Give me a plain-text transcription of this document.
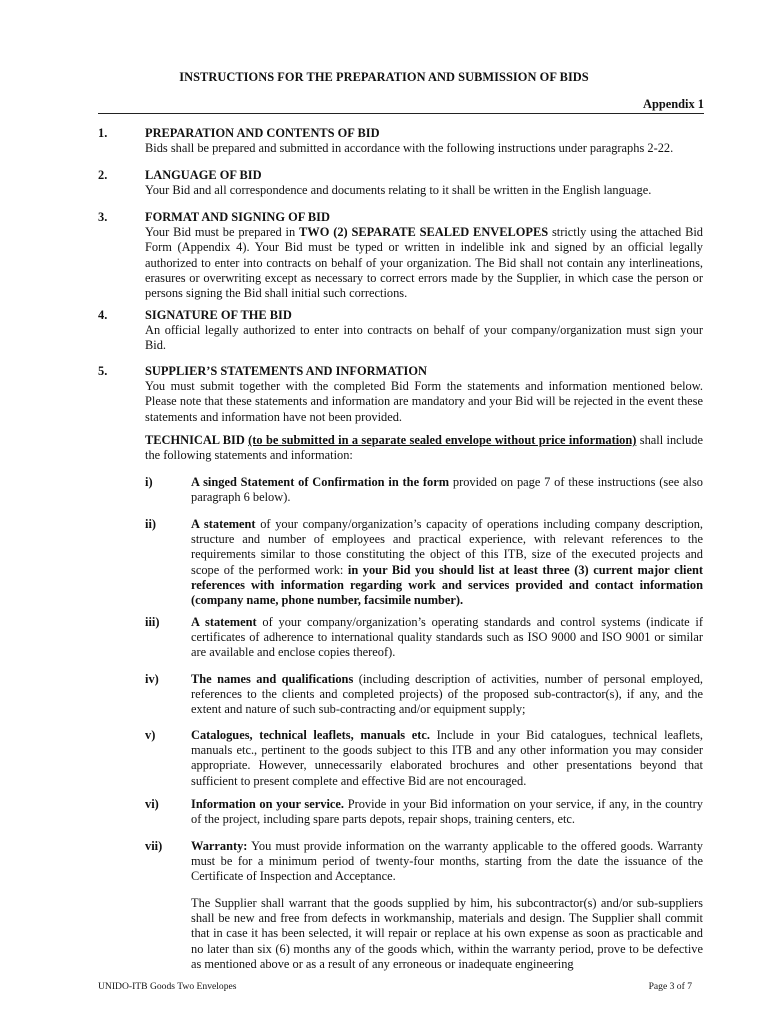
INSTRUCTIONS FOR THE PREPARATION AND SUBMISSION OF BIDS
Appendix 1
1.	PREPARATION AND CONTENTS OF BID
Bids shall be prepared and submitted in accordance with the following instructions under paragraphs 2-22.
2.	LANGUAGE OF BID
Your Bid and all correspondence and documents relating to it shall be written in the English language.
3.	FORMAT AND SIGNING OF BID
Your Bid must be prepared in TWO (2) SEPARATE SEALED ENVELOPES strictly using the attached Bid Form (Appendix 4). Your Bid must be typed or written in indelible ink and signed by an official legally authorized to enter into contracts on behalf of your organization. The Bid shall not contain any interlineations, erasures or overwriting except as necessary to correct errors made by the Supplier, in which case the person or persons signing the Bid shall initial such corrections.
4.	SIGNATURE OF THE BID
An official legally authorized to enter into contracts on behalf of your company/organization must sign your Bid.
5.	SUPPLIER’S STATEMENTS AND INFORMATION
You must submit together with the completed Bid Form the statements and information mentioned below. Please note that these statements and information are mandatory and your Bid will be rejected in the event these statements and information have not been provided.
TECHNICAL BID (to be submitted in a separate sealed envelope without price information) shall include the following statements and information:
i)	A singed Statement of Confirmation in the form provided on page 7 of these instructions (see also paragraph 6 below).
ii)	A statement of your company/organization’s capacity of operations including company description, structure and number of employees and practical experience, with relevant references to the requirements similar to those constituting the object of this ITB, size of the executed projects and scope of the performed work: in your Bid you should list at least three (3) current major client references with information regarding work and services provided and contact information (company name, phone number, facsimile number).
iii)	A statement of your company/organization’s operating standards and control systems (indicate if certificates of adherence to international quality standards such as ISO 9000 and ISO 9001 or similar are available and enclose copies thereof).
iv)	The names and qualifications (including description of activities, number of personal employed, references to the clients and completed projects) of the proposed sub-contractor(s), if any, and the extent and nature of such sub-contracting and/or equipment supply;
v)	Catalogues, technical leaflets, manuals etc. Include in your Bid catalogues, technical leaflets, manuals etc., pertinent to the goods subject to this ITB and any other information you may consider appropriate. However, unnecessarily elaborated brochures and other presentations beyond that sufficient to present complete and effective Bid are not encouraged.
vi)	Information on your service. Provide in your Bid information on your service, if any, in the country of the project, including spare parts depots, repair shops, training centers, etc.
vii) Warranty: You must provide information on the warranty applicable to the offered goods. Warranty must be for a minimum period of twenty-four months, starting from the date the issuance of the Certificate of Inspection and Acceptance.
The Supplier shall warrant that the goods supplied by him, his subcontractor(s) and/or sub-suppliers shall be new and free from defects in workmanship, materials and design. The Supplier shall commit that in case it has been selected, it will repair or replace at his own expense as soon as practicable and no later than six (6) months any of the goods which, within the warranty period, prove to be defective as mentioned above or as a result of any erroneous or inadequate engineering
UNIDO-ITB Goods Two Envelopes	Page 3 of 7
